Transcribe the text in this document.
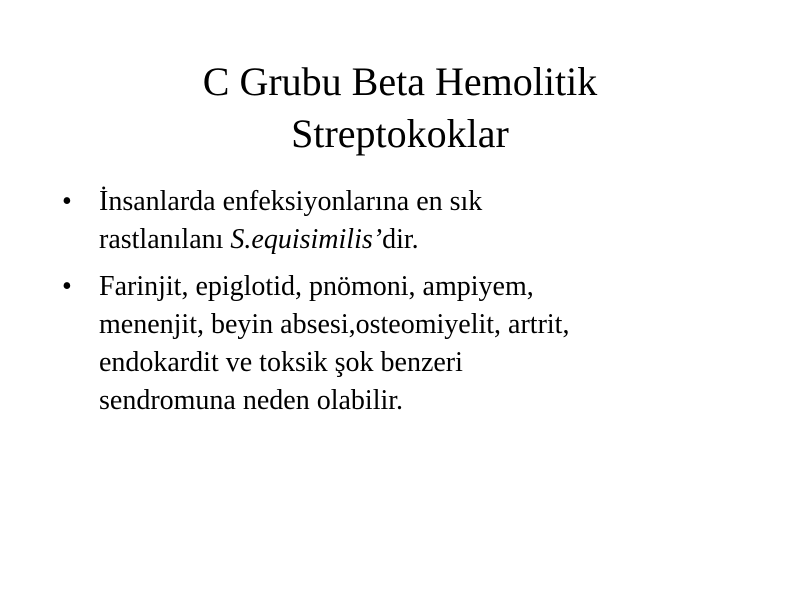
C Grubu Beta Hemolitik
Streptokoklar
• İnsanlarda enfeksiyonlarına en sık
rastlanılanı S.equisimilis’dir.
• Farinjit, epiglotid, pnömoni, ampiyem,
menenjit, beyin absesi,osteomiyelit, artrit,
endokardit ve toksik şok benzeri
sendromuna neden olabilir.
